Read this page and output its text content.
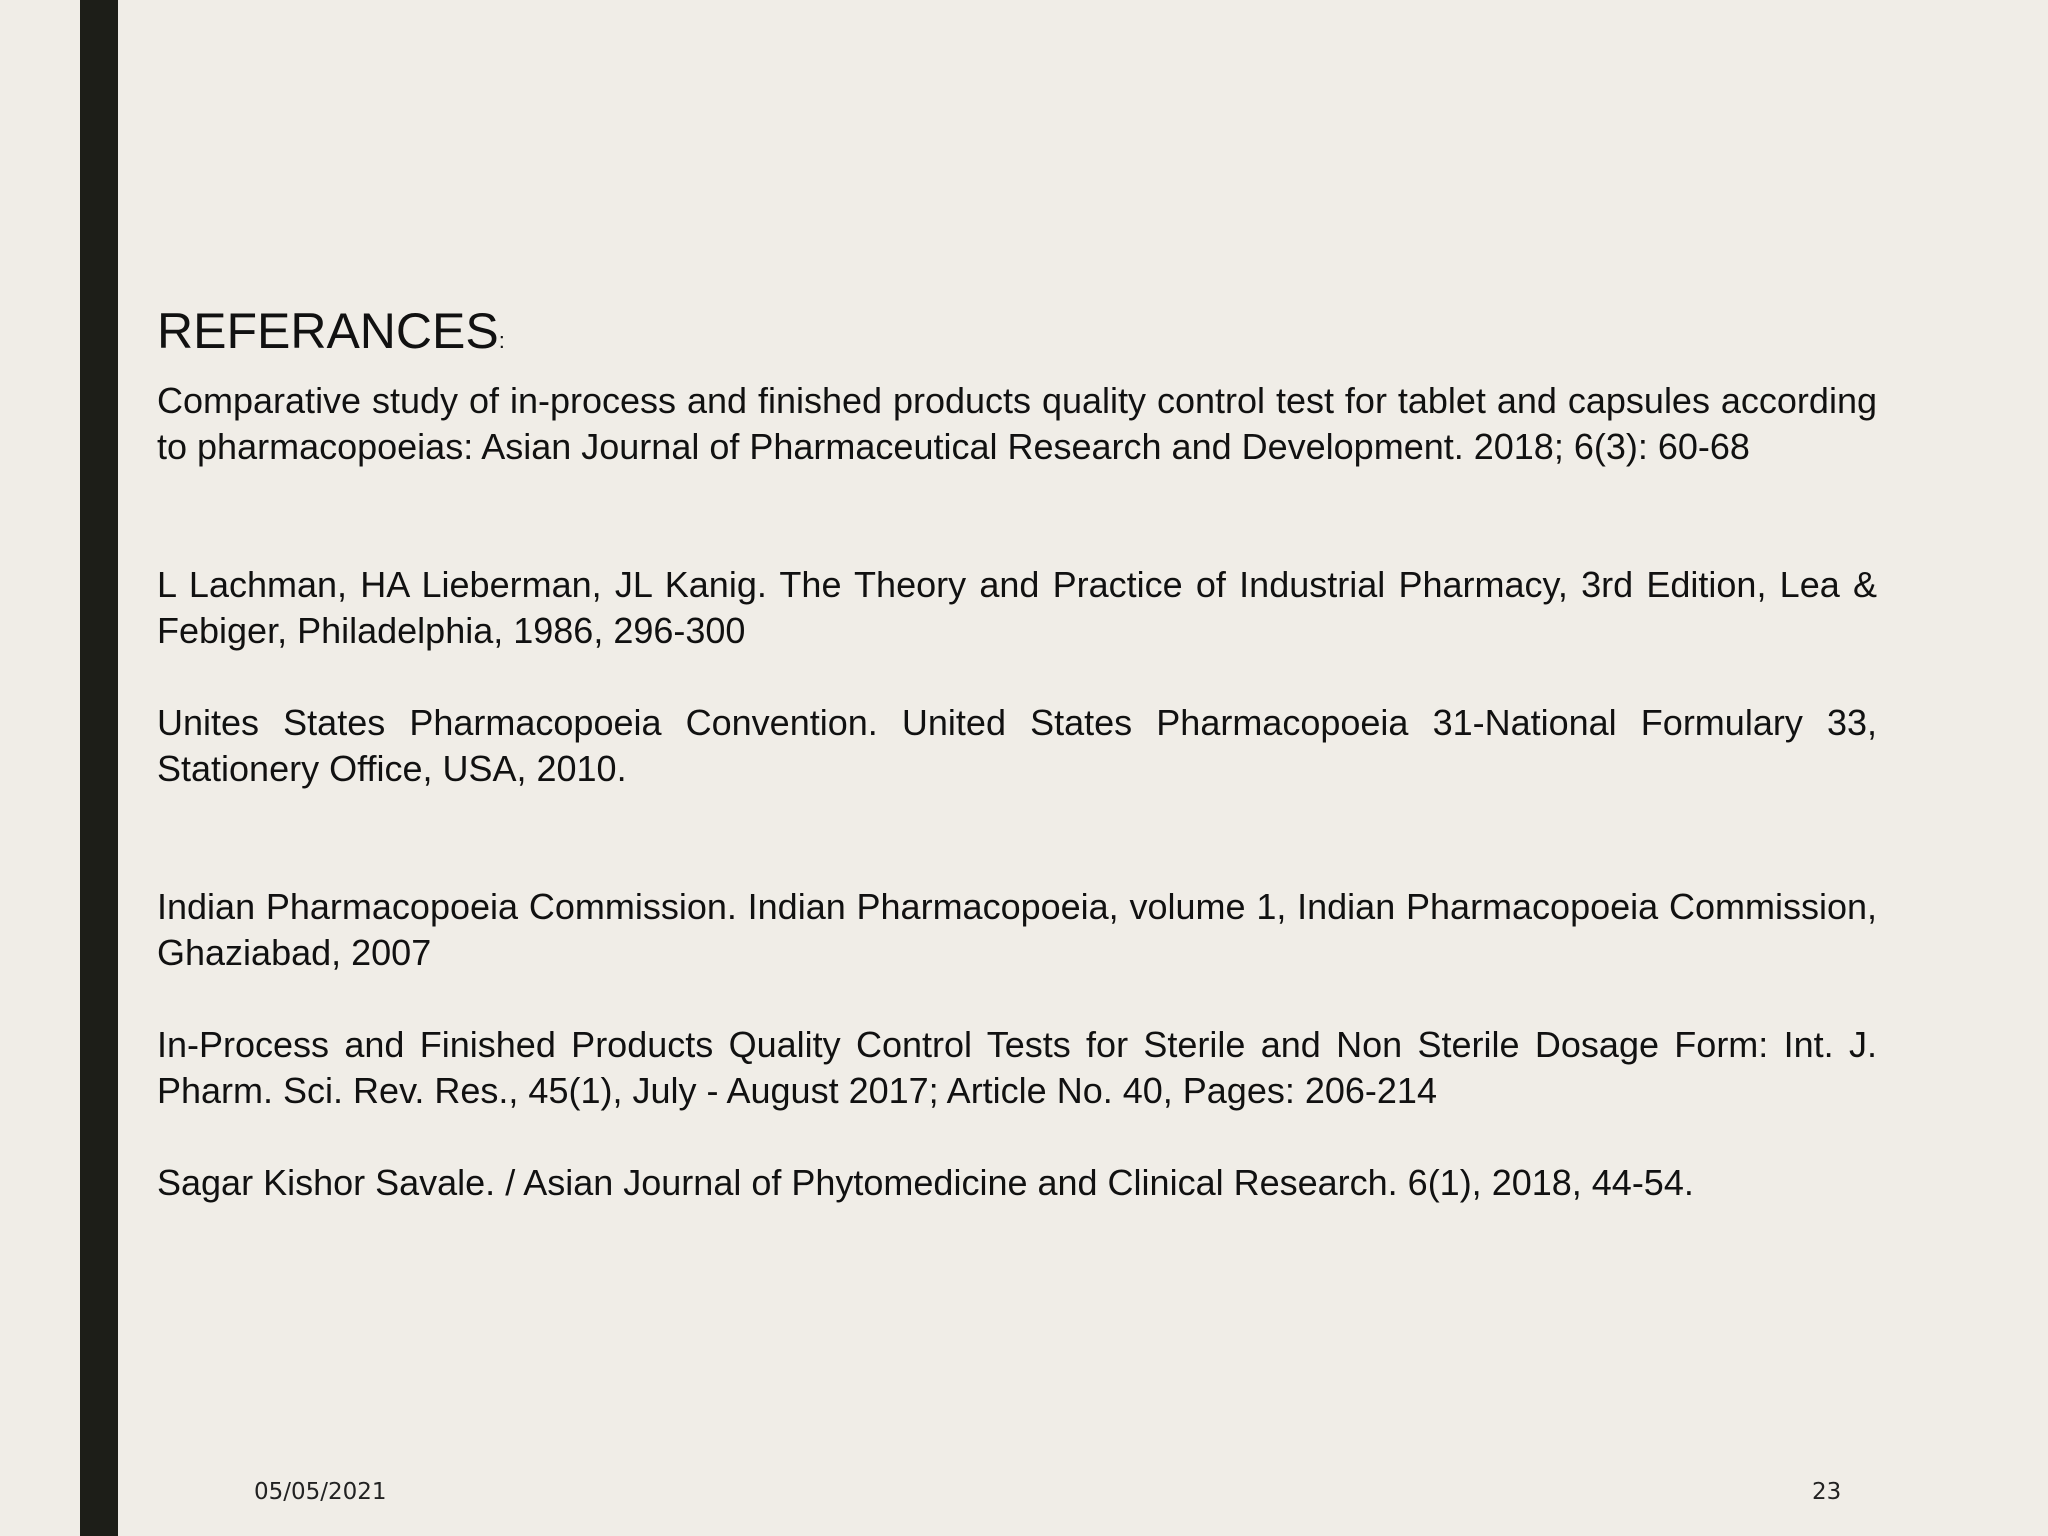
REFERANCES:
Comparative study of in-process and finished products quality control test for tablet and capsules according to pharmacopoeias: Asian Journal of Pharmaceutical Research and Development. 2018; 6(3): 60-68
L Lachman, HA Lieberman, JL Kanig. The Theory and Practice of Industrial Pharmacy, 3rd Edition, Lea & Febiger, Philadelphia, 1986, 296-300
Unites States Pharmacopoeia Convention. United States Pharmacopoeia 31-National Formulary 33, Stationery Office, USA, 2010.
Indian Pharmacopoeia Commission. Indian Pharmacopoeia, volume 1, Indian Pharmacopoeia Commission, Ghaziabad, 2007
In-Process and Finished Products Quality Control Tests for Sterile and Non Sterile Dosage Form: Int. J. Pharm. Sci. Rev. Res., 45(1), July - August 2017; Article No. 40, Pages: 206-214
Sagar Kishor Savale. / Asian Journal of Phytomedicine and Clinical Research. 6(1), 2018, 44-54.
05/05/2021	23
